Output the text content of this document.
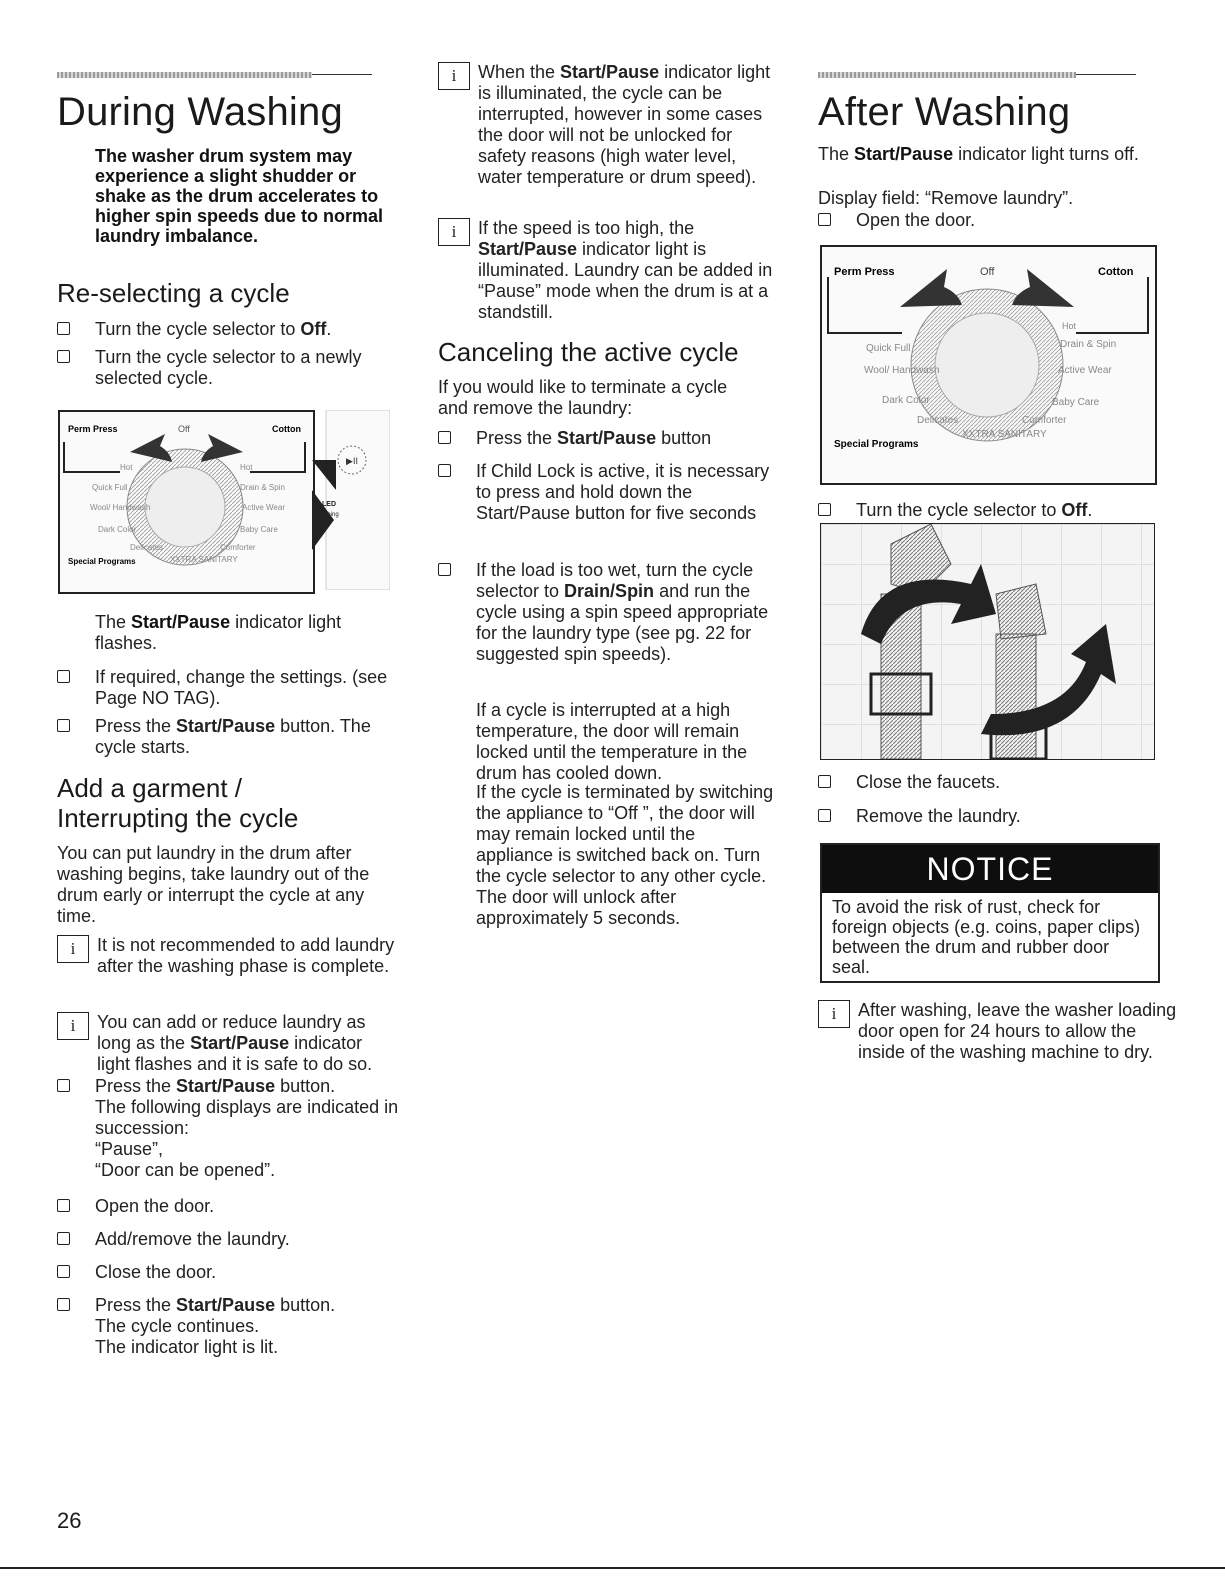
During Washing
The washer drum system may experience a slight shudder or shake as the drum accelerates to higher spin speeds due to normal laundry imbalance.
Re-selecting a cycle
Turn the cycle selector to Off.
Turn the cycle selector to a newly selected cycle.
Perm Press	Off	Cotton
Hot	Hot
Quick Full
Wool/ Handwash
Dark Color
Delicates
XXTRA SANITARY
Comforter
Baby Care
Active Wear
Drain & Spin
Special Programs
▶II
LED
Flashing
The Start/Pause indicator light flashes.
If required, change the settings. (see Page NO TAG).
Press the Start/Pause button. The cycle starts.
Add a garment / Interrupting the cycle
You can put laundry in the drum after washing begins, take laundry out of the drum early or interrupt the cycle at any time.
i	It is not recommended to add laundry after the washing phase is complete.
i	You can add or reduce laundry as long as the Start/Pause indicator light flashes and it is safe to do so.
Press the Start/Pause button.
The following displays are indicated in succession:
“Pause”,
“Door can be opened”.
Open the door.
Add/remove the laundry.
Close the door.
Press the Start/Pause button.
The cycle continues.
The indicator light is lit.
i	When the Start/Pause indicator light is illuminated, the cycle can be interrupted, however in some cases the door will not be unlocked for safety reasons (high water level, water temperature or drum speed).
i	If the speed is too high, the Start/Pause indicator light is illuminated. Laundry can be added in “Pause” mode when the drum is at a standstill.
Canceling the active cycle
If you would like to terminate a cycle and remove the laundry:
Press the Start/Pause button
If Child Lock is active, it is necessary to press and hold down the Start/Pause button for five seconds
If the load is too wet, turn the cycle selector to Drain/Spin and run the cycle using a spin speed appropriate for the laundry type (see pg. 22 for suggested spin speeds).
If a cycle is interrupted at a high temperature, the door will remain locked until the temperature in the drum has cooled down.
If the cycle is terminated by switching the appliance to “Off ”, the door will may remain locked until the appliance is switched back on. Turn the cycle selector to any other cycle. The door will unlock after approximately 5 seconds.
After Washing
The Start/Pause indicator light turns off.
Display field: “Remove laundry”.
Open the door.
Perm Press	Off	Cotton
Hot
Quick Full
Wool/ Handwash
Dark Color
Delicates
XXTRA SANITARY
Comforter
Baby Care
Active Wear
Drain & Spin
Special Programs
Turn the cycle selector to Off.
Close the faucets.
Remove the laundry.
NOTICE
To avoid the risk of rust, check for foreign objects (e.g. coins, paper clips) between the drum and rubber door seal.
i	After washing, leave the washer loading door open for 24 hours to allow the inside of the washing machine to dry.
26
